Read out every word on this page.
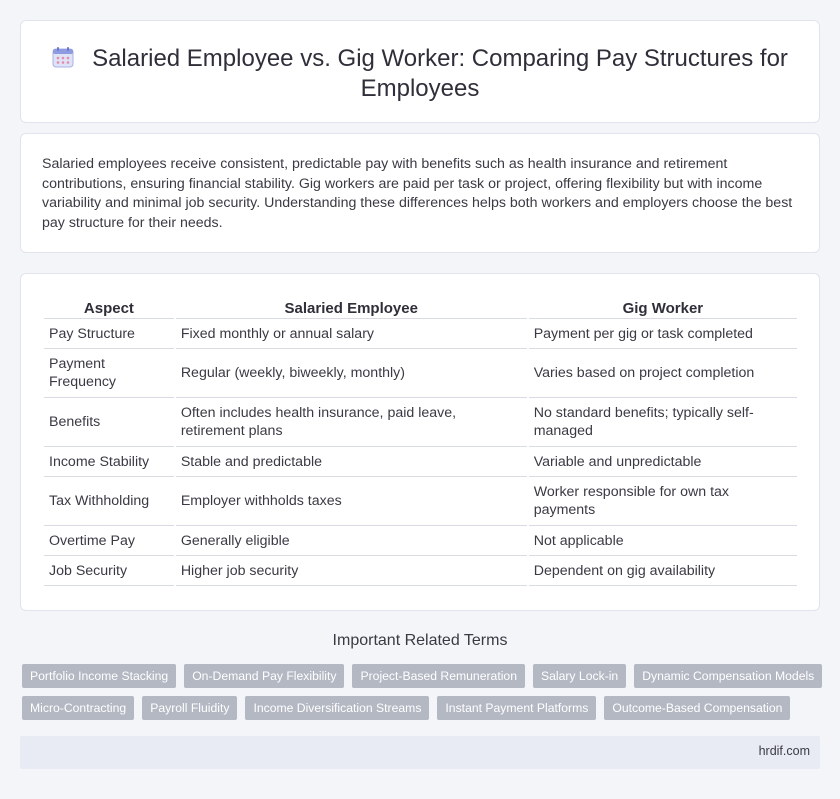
Salaried Employee vs. Gig Worker: Comparing Pay Structures for Employees

Salaried employees receive consistent, predictable pay with benefits such as health insurance and retirement contributions, ensuring financial stability. Gig workers are paid per task or project, offering flexibility but with income variability and minimal job security. Understanding these differences helps both workers and employers choose the best pay structure for their needs.

Aspect	Salaried Employee	Gig Worker
Pay Structure	Fixed monthly or annual salary	Payment per gig or task completed
Payment Frequency	Regular (weekly, biweekly, monthly)	Varies based on project completion
Benefits	Often includes health insurance, paid leave, retirement plans	No standard benefits; typically self-managed
Income Stability	Stable and predictable	Variable and unpredictable
Tax Withholding	Employer withholds taxes	Worker responsible for own tax payments
Overtime Pay	Generally eligible	Not applicable
Job Security	Higher job security	Dependent on gig availability
Important Related Terms
Portfolio Income Stacking	On-Demand Pay Flexibility	Project-Based Remuneration	Salary Lock-in	Dynamic Compensation Models
Micro-Contracting	Payroll Fluidity	Income Diversification Streams	Instant Payment Platforms	Outcome-Based Compensation
hrdif.com
